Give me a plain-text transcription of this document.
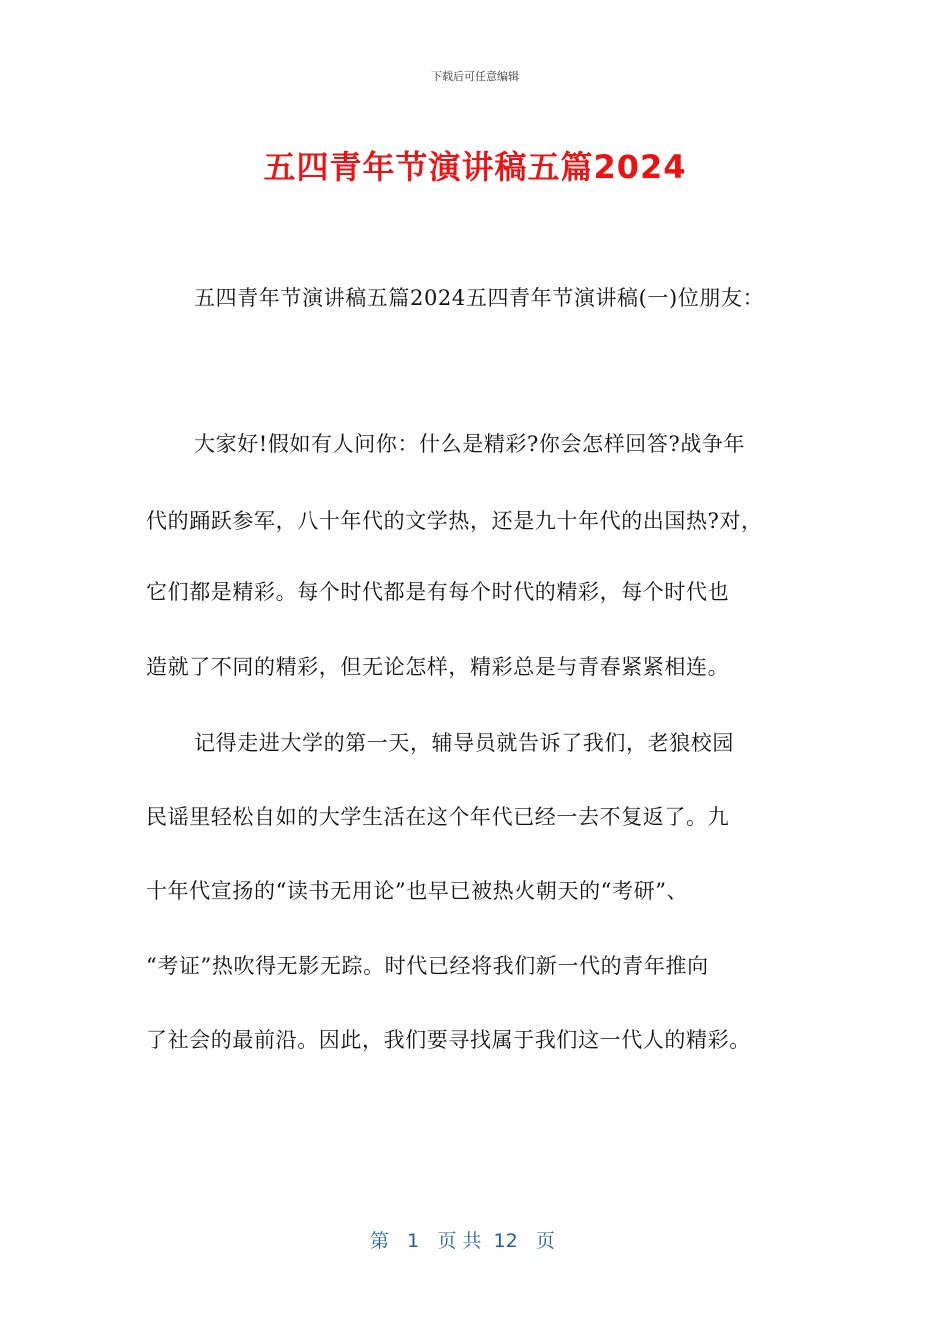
下载后可任意编辑
五四青年节演讲稿五篇2024
五四青年节演讲稿五篇2024五四青年节演讲稿(一)位朋友：
大家好!假如有人问你：什么是精彩?你会怎样回答?战争年
代的踊跃参军，八十年代的文学热，还是九十年代的出国热?对，
它们都是精彩。每个时代都是有每个时代的精彩，每个时代也
造就了不同的精彩，但无论怎样，精彩总是与青春紧紧相连。
记得走进大学的第一天，辅导员就告诉了我们，老狼校园
民谣里轻松自如的大学生活在这个年代已经一去不复返了。九
十年代宣扬的“读书无用论”也早已被热火朝天的“考研”、
“考证”热吹得无影无踪。时代已经将我们新一代的青年推向
了社会的最前沿。因此，我们要寻找属于我们这一代人的精彩。
第 1 页 共 12 页
